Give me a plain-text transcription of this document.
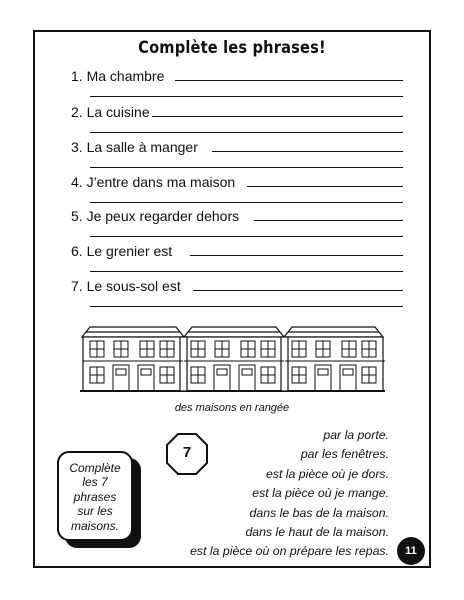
Complète les phrases!
1. Ma chambre
2. La cuisine
3. La salle à manger
4. J’entre dans ma maison
5. Je peux regarder dehors
6. Le grenier est
7. Le sous-sol est
des maisons en rangée
7
par la porte.
par les fenêtres.
est la pièce où je dors.
est la pièce où je mange.
dans le bas de la maison.
dans le haut de la maison.
est la pièce où on prépare les repas.
Complète
les 7
phrases
sur les
maisons.
11
